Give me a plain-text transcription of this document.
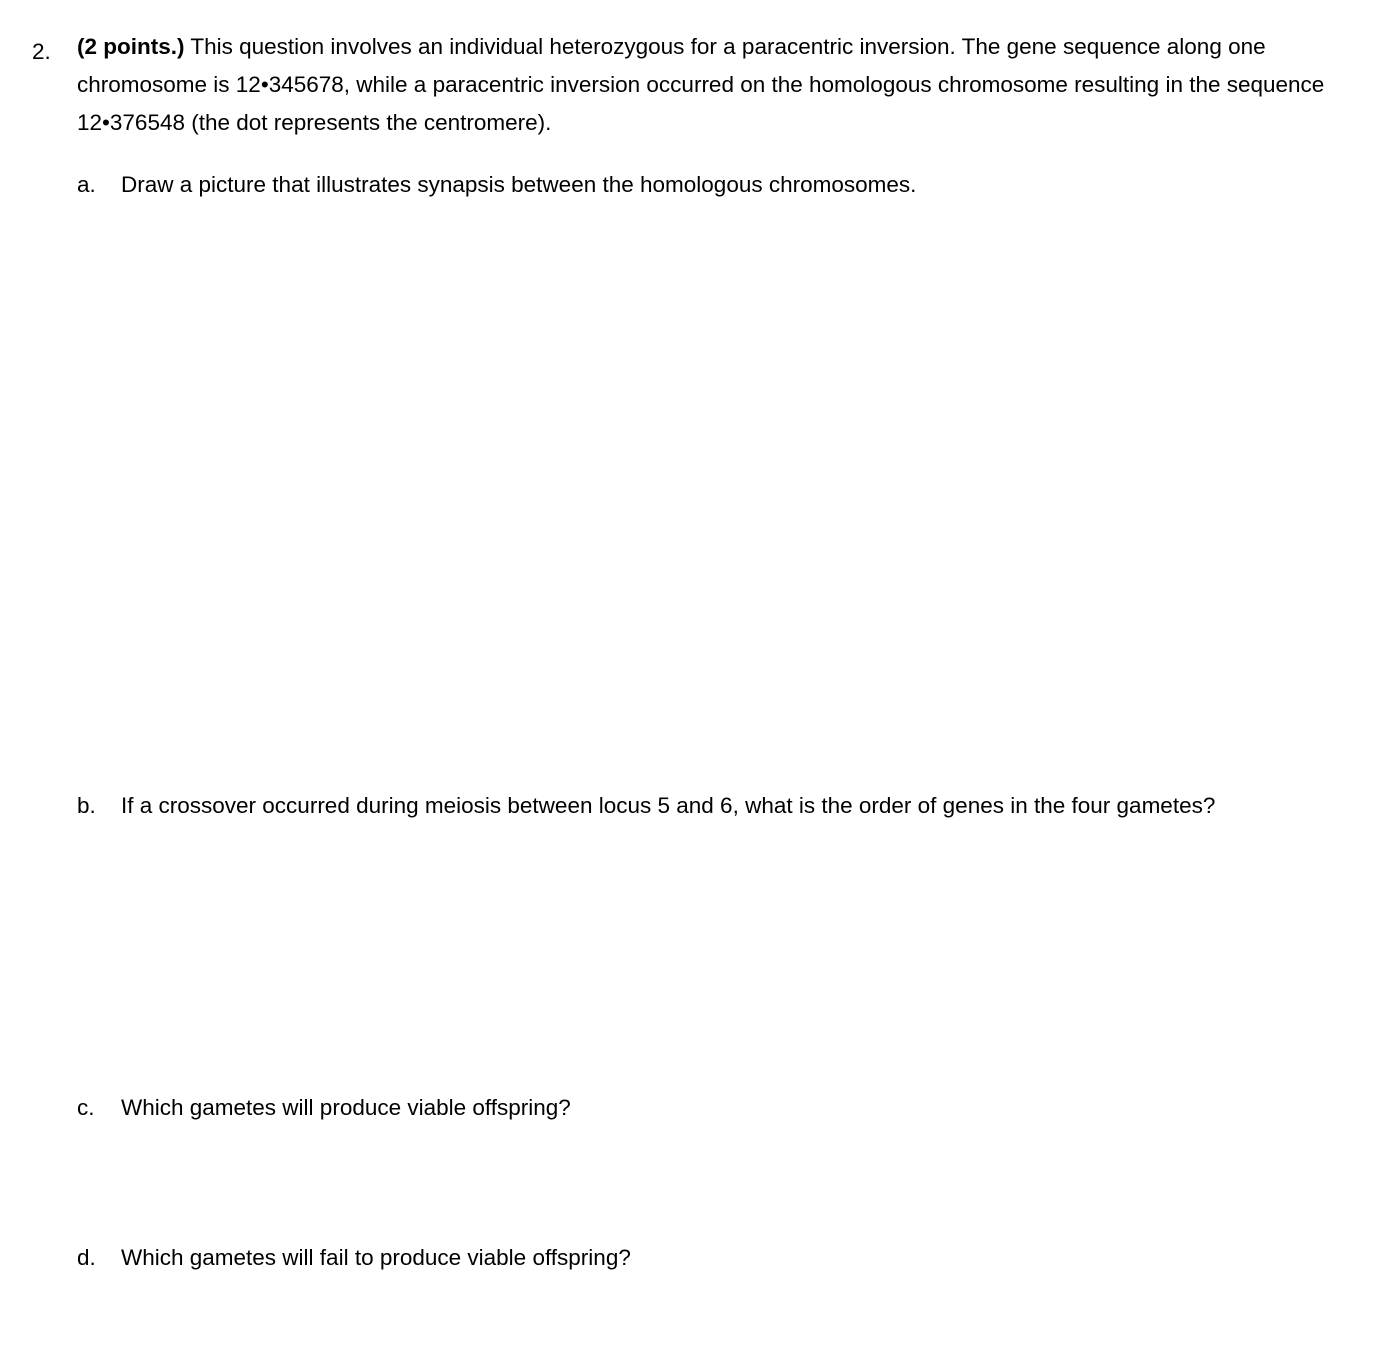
2. (2 points.) This question involves an individual heterozygous for a paracentric inversion. The gene sequence along one chromosome is 12•345678, while a paracentric inversion occurred on the homologous chromosome resulting in the sequence 12•376548 (the dot represents the centromere).
a. Draw a picture that illustrates synapsis between the homologous chromosomes.
b. If a crossover occurred during meiosis between locus 5 and 6, what is the order of genes in the four gametes?
c. Which gametes will produce viable offspring?
d. Which gametes will fail to produce viable offspring?
